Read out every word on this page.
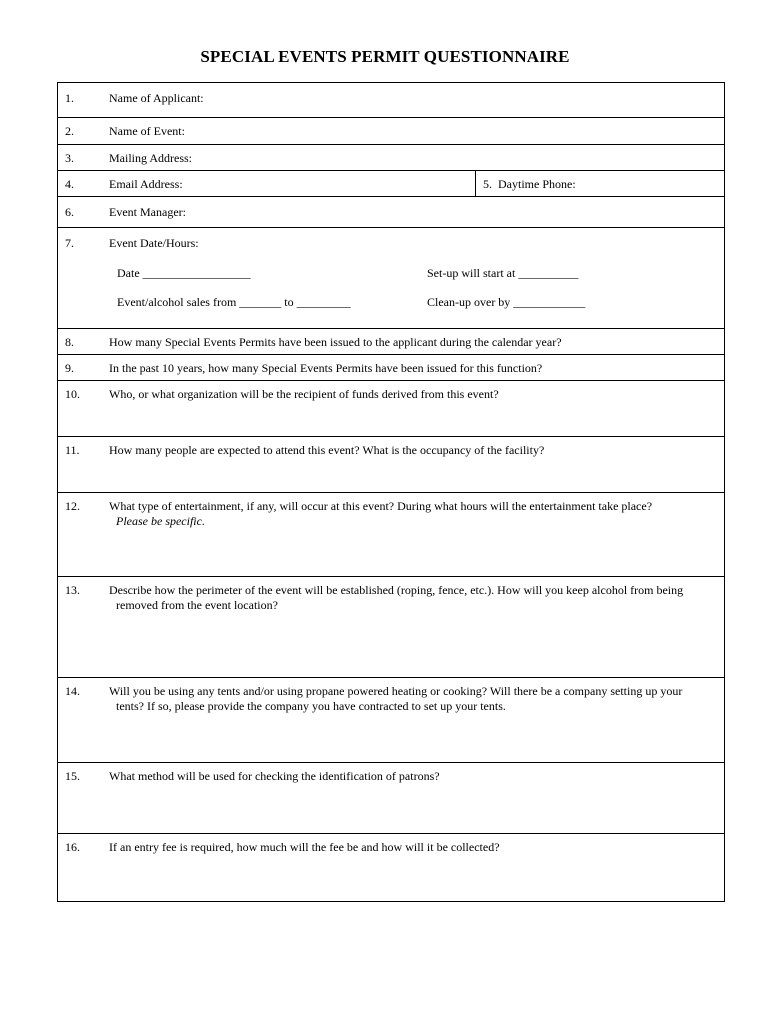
SPECIAL EVENTS PERMIT QUESTIONNAIRE
1.	Name of Applicant:
2.	Name of Event:
3.	Mailing Address:
4.	Email Address:	5. Daytime Phone:
6.	Event Manager:
7.	Event Date/Hours:
Date __________________	Set-up will start at __________
Event/alcohol sales from _______ to _________	Clean-up over by ____________
8.	How many Special Events Permits have been issued to the applicant during the calendar year?
9.	In the past 10 years, how many Special Events Permits have been issued for this function?
10. Who, or what organization will be the recipient of funds derived from this event?
11. How many people are expected to attend this event? What is the occupancy of the facility?
12. What type of entertainment, if any, will occur at this event? During what hours will the entertainment take place?
Please be specific.
13. Describe how the perimeter of the event will be established (roping, fence, etc.). How will you keep alcohol from being
removed from the event location?
14. Will you be using any tents and/or using propane powered heating or cooking? Will there be a company setting up your
tents? If so, please provide the company you have contracted to set up your tents.
15. What method will be used for checking the identification of patrons?
16. If an entry fee is required, how much will the fee be and how will it be collected?
